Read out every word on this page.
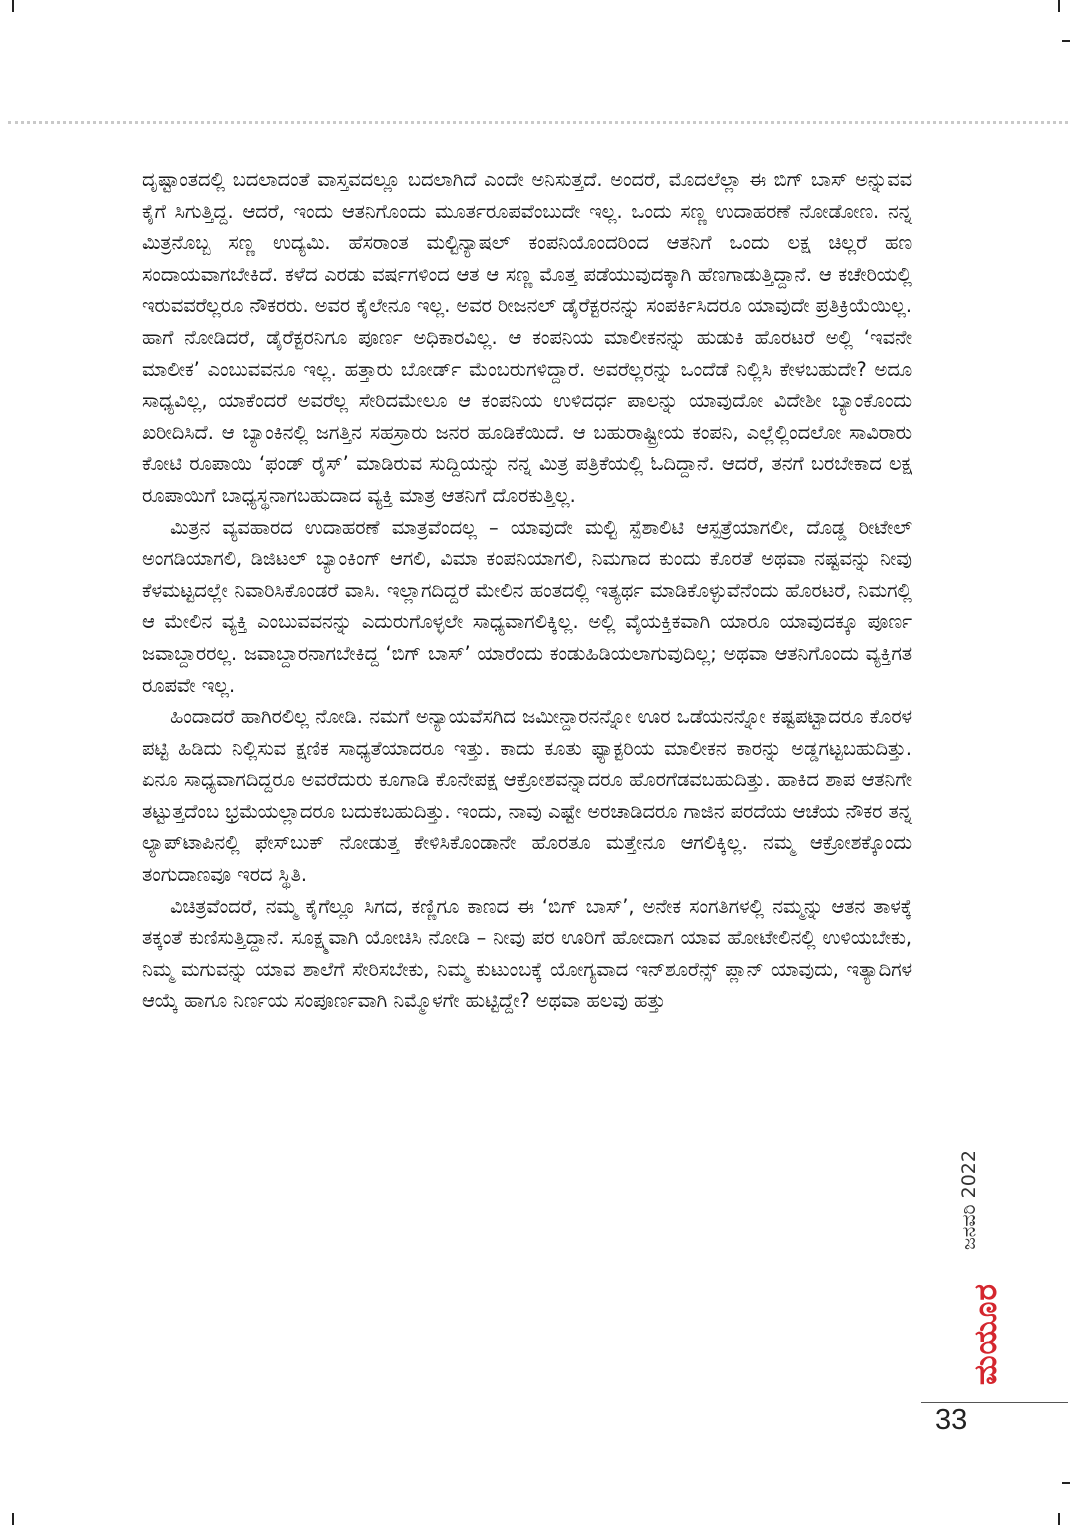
ದೃಷ್ಟಾಂತದಲ್ಲಿ ಬದಲಾದಂತೆ ವಾಸ್ತವದಲ್ಲೂ ಬದಲಾಗಿದೆ ಎಂದೇ ಅನಿಸುತ್ತದೆ. ಅಂದರೆ, ಮೊದಲೆಲ್ಲಾ ಈ ಬಿಗ್ ಬಾಸ್ ಅನ್ನುವವ ಕೈಗೆ ಸಿಗುತ್ತಿದ್ದ. ಆದರೆ, ಇಂದು ಆತನಿಗೊಂದು ಮೂರ್ತರೂಪವೆಂಬುದೇ ಇಲ್ಲ. ಒಂದು ಸಣ್ಣ ಉದಾಹರಣೆ ನೋಡೋಣ. ನನ್ನ ಮಿತ್ರನೊಬ್ಬ ಸಣ್ಣ ಉದ್ಯಮಿ. ಹೆಸರಾಂತ ಮಲ್ಟಿನ್ಯಾಷಲ್ ಕಂಪನಿಯೊಂದರಿಂದ ಆತನಿಗೆ ಒಂದು ಲಕ್ಷ ಚಿಲ್ಲರೆ ಹಣ ಸಂದಾಯವಾಗಬೇಕಿದೆ. ಕಳೆದ ಎರಡು ವರ್ಷಗಳಿಂದ ಆತ ಆ ಸಣ್ಣ ಮೊತ್ತ ಪಡೆಯುವುದಕ್ಕಾಗಿ ಹೆಣಗಾಡುತ್ತಿದ್ದಾನೆ. ಆ ಕಚೇರಿಯಲ್ಲಿ ಇರುವವರೆಲ್ಲರೂ ನೌಕರರು. ಅವರ ಕೈಲೇನೂ ಇಲ್ಲ. ಅವರ ರೀಜನಲ್ ಡೈರೆಕ್ಟರನನ್ನು ಸಂಪರ್ಕಿಸಿದರೂ ಯಾವುದೇ ಪ್ರತಿಕ್ರಿಯೆಯಿಲ್ಲ. ಹಾಗೆ ನೋಡಿದರೆ, ಡೈರೆಕ್ಟರನಿಗೂ ಪೂರ್ಣ ಅಧಿಕಾರವಿಲ್ಲ. ಆ ಕಂಪನಿಯ ಮಾಲೀಕನನ್ನು ಹುಡುಕಿ ಹೊರಟರೆ ಅಲ್ಲಿ ‘ಇವನೇ ಮಾಲೀಕ’ ಎಂಬುವವನೂ ಇಲ್ಲ. ಹತ್ತಾರು ಬೋರ್ಡ್ ಮೆಂಬರುಗಳಿದ್ದಾರೆ. ಅವರೆಲ್ಲರನ್ನು ಒಂದೆಡೆ ನಿಲ್ಲಿಸಿ ಕೇಳಬಹುದೇ? ಅದೂ ಸಾಧ್ಯವಿಲ್ಲ, ಯಾಕೆಂದರೆ ಅವರೆಲ್ಲ ಸೇರಿದಮೇಲೂ ಆ ಕಂಪನಿಯ ಉಳಿದರ್ಧ ಪಾಲನ್ನು ಯಾವುದೋ ವಿದೇಶೀ ಬ್ಯಾಂಕೊಂದು ಖರೀದಿಸಿದೆ. ಆ ಬ್ಯಾಂಕಿನಲ್ಲಿ ಜಗತ್ತಿನ ಸಹಸ್ರಾರು ಜನರ ಹೂಡಿಕೆಯಿದೆ. ಆ ಬಹುರಾಷ್ಟ್ರೀಯ ಕಂಪನಿ, ಎಲ್ಲೆಲ್ಲಿಂದಲೋ ಸಾವಿರಾರು ಕೋಟಿ ರೂಪಾಯಿ ‘ಫಂಡ್ ರೈಸ್’ ಮಾಡಿರುವ ಸುದ್ದಿಯನ್ನು ನನ್ನ ಮಿತ್ರ ಪತ್ರಿಕೆಯಲ್ಲಿ ಓದಿದ್ದಾನೆ. ಆದರೆ, ತನಗೆ ಬರಬೇಕಾದ ಲಕ್ಷ ರೂಪಾಯಿಗೆ ಬಾಧ್ಯಸ್ಥನಾಗಬಹುದಾದ ವ್ಯಕ್ತಿ ಮಾತ್ರ ಆತನಿಗೆ ದೊರಕುತ್ತಿಲ್ಲ.

ಮಿತ್ರನ ವ್ಯವಹಾರದ ಉದಾಹರಣೆ ಮಾತ್ರವೆಂದಲ್ಲ – ಯಾವುದೇ ಮಲ್ಟಿ ಸ್ಪೆಶಾಲಿಟಿ ಆಸ್ಪತ್ರೆಯಾಗಲೀ, ದೊಡ್ಡ ರೀಟೇಲ್ ಅಂಗಡಿಯಾಗಲಿ, ಡಿಜಿಟಲ್ ಬ್ಯಾಂಕಿಂಗ್ ಆಗಲಿ, ವಿಮಾ ಕಂಪನಿಯಾಗಲಿ, ನಿಮಗಾದ ಕುಂದು ಕೊರತೆ ಅಥವಾ ನಷ್ಟವನ್ನು ನೀವು ಕೆಳಮಟ್ಟದಲ್ಲೇ ನಿವಾರಿಸಿಕೊಂಡರೆ ವಾಸಿ. ಇಲ್ಲಾಗದಿದ್ದರೆ ಮೇಲಿನ ಹಂತದಲ್ಲಿ ಇತ್ಯರ್ಥ ಮಾಡಿಕೊಳ್ಳುವೆನೆಂದು ಹೊರಟರೆ, ನಿಮಗಲ್ಲಿ ಆ ಮೇಲಿನ ವ್ಯಕ್ತಿ ಎಂಬುವವನನ್ನು ಎದುರುಗೊಳ್ಳಲೇ ಸಾಧ್ಯವಾಗಲಿಕ್ಕಿಲ್ಲ. ಅಲ್ಲಿ ವೈಯಕ್ತಿಕವಾಗಿ ಯಾರೂ ಯಾವುದಕ್ಕೂ ಪೂರ್ಣ ಜವಾಬ್ದಾರರಲ್ಲ. ಜವಾಬ್ದಾರನಾಗಬೇಕಿದ್ದ ‘ಬಿಗ್ ಬಾಸ್’ ಯಾರೆಂದು ಕಂಡುಹಿಡಿಯಲಾಗುವುದಿಲ್ಲ; ಅಥವಾ ಆತನಿಗೊಂದು ವ್ಯಕ್ತಿಗತ ರೂಪವೇ ಇಲ್ಲ.

ಹಿಂದಾದರೆ ಹಾಗಿರಲಿಲ್ಲ ನೋಡಿ. ನಮಗೆ ಅನ್ಯಾಯವೆಸಗಿದ ಜಮೀನ್ದಾರನನ್ನೋ ಊರ ಒಡೆಯನನ್ನೋ ಕಷ್ಟಪಟ್ಟಾದರೂ ಕೊರಳ ಪಟ್ಟಿ ಹಿಡಿದು ನಿಲ್ಲಿಸುವ ಕ್ಷಣಿಕ ಸಾಧ್ಯತೆಯಾದರೂ ಇತ್ತು. ಕಾದು ಕೂತು ಫ್ಯಾಕ್ಟರಿಯ ಮಾಲೀಕನ ಕಾರನ್ನು ಅಡ್ಡಗಟ್ಟಬಹುದಿತ್ತು. ಏನೂ ಸಾಧ್ಯವಾಗದಿದ್ದರೂ ಅವರೆದುರು ಕೂಗಾಡಿ ಕೊನೇಪಕ್ಷ ಆಕ್ರೋಶವನ್ನಾದರೂ ಹೊರಗೆಡವಬಹುದಿತ್ತು. ಹಾಕಿದ ಶಾಪ ಆತನಿಗೇ ತಟ್ಟುತ್ತದೆಂಬ ಭ್ರಮೆಯಲ್ಲಾದರೂ ಬದುಕಬಹುದಿತ್ತು. ಇಂದು, ನಾವು ಎಷ್ಟೇ ಅರಚಾಡಿದರೂ ಗಾಜಿನ ಪರದೆಯ ಆಚೆಯ ನೌಕರ ತನ್ನ ಲ್ಯಾಪ್‌ಟಾಪಿನಲ್ಲಿ ಫೇಸ್‌ಬುಕ್ ನೋಡುತ್ತ ಕೇಳಿಸಿಕೊಂಡಾನೇ ಹೊರತೂ ಮತ್ತೇನೂ ಆಗಲಿಕ್ಕಿಲ್ಲ. ನಮ್ಮ ಆಕ್ರೋಶಕ್ಕೊಂದು ತಂಗುದಾಣವೂ ಇರದ ಸ್ಥಿತಿ.

ವಿಚಿತ್ರವೆಂದರೆ, ನಮ್ಮ ಕೈಗೆಲ್ಲೂ ಸಿಗದ, ಕಣ್ಣಿಗೂ ಕಾಣದ ಈ ‘ಬಿಗ್ ಬಾಸ್’, ಅನೇಕ ಸಂಗತಿಗಳಲ್ಲಿ ನಮ್ಮನ್ನು ಆತನ ತಾಳಕ್ಕೆ ತಕ್ಕಂತೆ ಕುಣಿಸುತ್ತಿದ್ದಾನೆ. ಸೂಕ್ಷ್ಮವಾಗಿ ಯೋಚಿಸಿ ನೋಡಿ – ನೀವು ಪರ ಊರಿಗೆ ಹೋದಾಗ ಯಾವ ಹೋಟೇಲಿನಲ್ಲಿ ಉಳಿಯಬೇಕು, ನಿಮ್ಮ ಮಗುವನ್ನು ಯಾವ ಶಾಲೆಗೆ ಸೇರಿಸಬೇಕು, ನಿಮ್ಮ ಕುಟುಂಬಕ್ಕೆ ಯೋಗ್ಯವಾದ ಇನ್‌ಶೂರೆನ್ಸ್ ಪ್ಲಾನ್ ಯಾವುದು, ಇತ್ಯಾದಿಗಳ ಆಯ್ಕೆ ಹಾಗೂ ನಿರ್ಣಯ ಸಂಪೂರ್ಣವಾಗಿ ನಿಮ್ಮೊಳಗೇ ಹುಟ್ಟಿದ್ದೇ? ಅಥವಾ ಹಲವು ಹತ್ತು

ಜನವರಿ 2022
ಮಯೂರ
33
